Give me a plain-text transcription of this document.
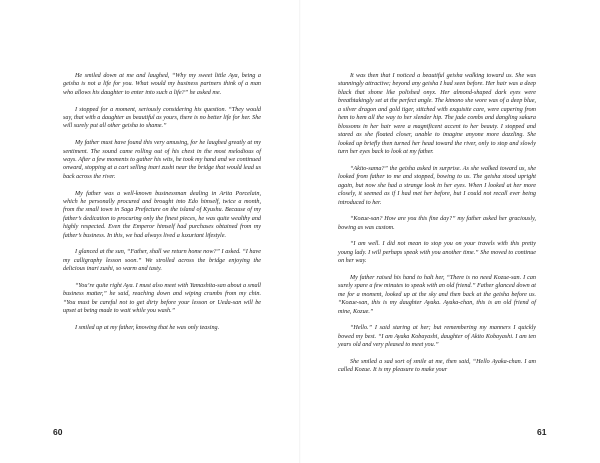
He smiled down at me and laughed, “Why my sweet little Aya, being a geisha is not a life for you. What would my business partners think of a man who allows his daughter to enter into such a life?” he asked me.

I stopped for a moment, seriously considering his question. “They would say, that with a daughter as beautiful as yours, there is no better life for her. She will surely put all other geisha to shame.”

My father must have found this very amusing, for he laughed greatly at my sentiment. The sound came rolling out of his chest in the most melodious of ways. After a few moments to gather his wits, he took my hand and we continued onward, stopping at a cart selling inari zushi near the bridge that would lead us back across the river.

My father was a well-known businessman dealing in Arita Porcelain, which he personally procured and brought into Edo himself, twice a month, from the small town in Saga Prefecture on the island of Kyushu. Because of my father’s dedication to procuring only the finest pieces, he was quite wealthy and highly respected. Even the Emperor himself had purchases obtained from my father’s business. In this, we had always lived a luxuriant lifestyle.

I glanced at the sun, “Father, shall we return home now?” I asked. “I have my calligraphy lesson soon.” We strolled across the bridge enjoying the delicious inari zushi, so warm and tasty.

“You’re quite right Aya. I must also meet with Yamashita-san about a small business matter,” he said, reaching down and wiping crumbs from my chin. “You must be careful not to get dirty before your lesson or Ueda-san will be upset at being made to wait while you wash.”

I smiled up at my father, knowing that he was only teasing.

60

It was then that I noticed a beautiful geisha walking toward us. She was stunningly attractive; beyond any geisha I had seen before. Her hair was a deep black that shone like polished onyx. Her almond-shaped dark eyes were breathtakingly set at the perfect angle. The kimono she wore was of a deep blue, a silver dragon and gold tiger, stitched with exquisite care, were capering from hem to hem all the way to her slender hip. The jade combs and dangling sakura blossoms in her hair were a magnificent accent to her beauty. I stopped and stared as she floated closer, unable to imagine anyone more dazzling. She looked up briefly then turned her head toward the river, only to stop and slowly turn her eyes back to look at my father.

“Akito-sama?” the geisha asked in surprise. As she walked toward us, she looked from father to me and stopped, bowing to us. The geisha stood upright again, but now she had a strange look in her eyes. When I looked at her more closely, it seemed as if I had met her before, but I could not recall ever being introduced to her.

“Kozue-san? How are you this fine day?” my father asked her graciously, bowing as was custom.

“I am well. I did not mean to stop you on your travels with this pretty young lady. I will perhaps speak with you another time.” She moved to continue on her way.

My father raised his hand to halt her, “There is no need Kozue-san. I can surely spare a few minutes to speak with an old friend.” Father glanced down at me for a moment, looked up at the sky and then back at the geisha before us. “Kozue-san, this is my daughter Ayaka. Ayaka-chan, this is an old friend of mine, Kozue.”

“Hello.” I said staring at her; but remembering my manners I quickly bowed my best. “I am Ayaka Kobayashi, daughter of Akito Kobayashi. I am ten years old and very pleased to meet you.”

She smiled a sad sort of smile at me, then said, “Hello Ayaka-chan. I am called Kozue. It is my pleasure to make your

61
